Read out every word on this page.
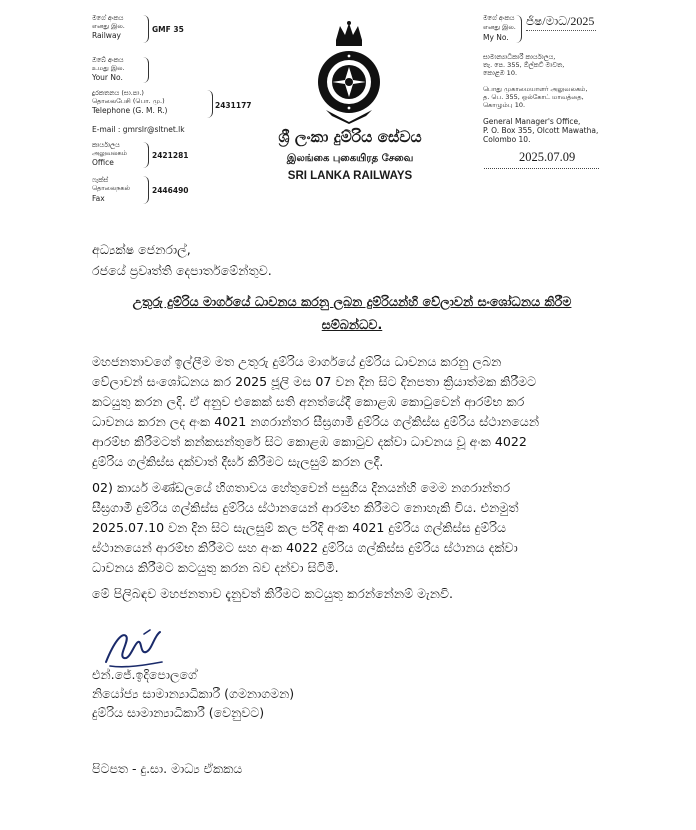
මගේ අංකය
எனது இல.
Railway
GMF 35
ඔබේ අංකය
உமது இல.
Your No.
දුරකතනය (සා.පා.)
தொலைபேசி (பொ. மு.)
Telephone (G. M. R.)
2431177
E-mail : gmrslr@sltnet.lk
කාර්යාලය
அலுவலகம்
Office
2421281
ෆැක්ස්
தொலைநகல்
Fax
2446490
ශ්‍රී ලංකා දුම්රිය සේවය
இலங்கை புகையிரத சேவை
SRI LANKA RAILWAYS
මගේ අංකය
எனது இல.
My No.
ජිෂ/මාධ/2025
සාමාන්‍යාධිකාරී කාර්යාලය,
තැ. පෙ. 355, ඕල්කට් මාවත,
කොළඹ 10.
பொது முகாமையாளர் அலுவலகம்,
த. பெ. 355, ஒல்கோட் மாவத்தை,
கொழும்பு 10.
General Manager's Office,
P. O. Box 355, Olcott Mawatha,
Colombo 10.
2025.07.09
අධ්‍යක්ෂ ජෙනරාල්,
රජයේ ප්‍රවෘත්ති දෙපාර්තමේන්තුව.
උතුරු දුම්රිය මාර්ගයේ ධාවනය කරනු ලබන දුම්රියන්හි වේලාවන් සංශෝධනය කිරීම
සම්බන්ධව.
මහජනතාවගේ ඉල්ලීම මත උතුරු දුම්රිය මාර්ගයේ දුම්රිය ධාවනය කරනු ලබන
වේලාවන් සංශෝධනය කර 2025 ජූලි මස 07 වන දින සිට දිනපතා ක්‍රියාත්මක කිරීමට
කටයුතු කරන ලදි. ඒ අනුව එකෙක් සති අනත්යේදී කොළඹ කොටුවෙන් ආරම්භ කර
ධාවනය කරන ලද අංක 4021 නගරාන්තර සීඝ්‍රගාමී දුම්රිය ගල්කිස්ස දුම්රිය ස්ථානයෙන්
ආරම්භ කිරීමටත් කන්කසන්තුරේ සිට කොළඹ කොටුව දක්වා ධාවනය වූ අංක 4022
දුම්රිය ගල්කිස්ස දක්වාත් දීර්ඝ කිරීමට සැලසුම් කරන ලදී.
02) කාර්ය මණ්ඩලයේ හිගතාවය හේතුවෙන් පසුගිය දිනයන්හි මෙම නගරාන්තර
සීඝ්‍රගාමී දුම්රිය ගල්කිස්ස දුම්රිය ස්ථානයෙන් ආරම්භ කිරීමට නොහැකි විය. එනමුත්
2025.07.10 වන දින සිට සැලසුම් කල පරිදි අංක 4021 දුම්රිය ගල්කිස්ස දුම්රිය
ස්ථානයෙන් ආරම්භ කිරීමට සහ අංක 4022 දුම්රිය ගල්කිස්ස දුම්රිය ස්ථානය දක්වා
ධාවනය කිරීමට කටයුතු කරන බව දන්වා සිටිමි.
මේ පිලිබඳව මහජනතාව දැනුවත් කිරීමට කටයුතු කරන්නේනම් මැනවි.
එන්.ජේ.ඉදිපොලගේ
නියෝජ්‍ය සාමාන්‍යාධිකාරී (ගමනාගමන)
දුම්රිය සාමාන්‍යාධිකාරී (වෙනුවට)
පිටපත - දු.සා. මාධ්‍ය ඒකකය
